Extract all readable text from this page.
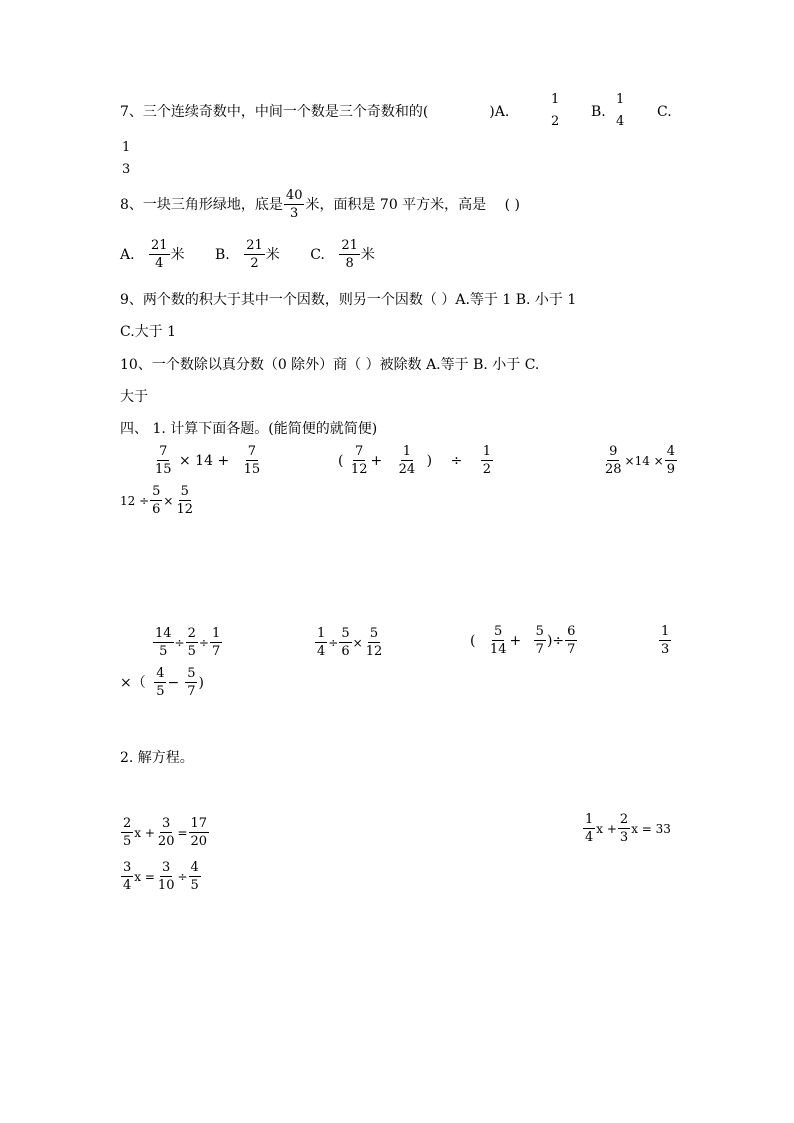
7、三个连续奇数中，中间一个数是三个奇数和的(	)A.
1
2
B.
1
4
C.
1
3
8、一块三角形绿地，底是 $\frac{40}{3}$ 米，面积是 70 平方米，高是 ( )
A. $\frac{21}{4}$ 米 B. $\frac{21}{2}$ 米 C. $\frac{21}{8}$ 米
9、两个数的积大于其中一个因数，则另一个因数（ ）A.等于 1 B. 小于 1
C.大于 1
10、一个数除以真分数（0 除外）商（ ）被除数 A.等于 B. 小于 C.
大于
四、 1. 计算下面各题。(能简便的就简便)
$\frac{7}{15} \times 14 + \frac{7}{15}$	( $\frac{7}{12} + \frac{1}{24}$ ) ÷ $\frac{1}{2}$	$\frac{9}{28} \times 14 \times \frac{4}{9}$
$12 \div \frac{5}{6} \times \frac{5}{12}$
$\frac{14}{5} \div \frac{2}{5} \div \frac{1}{7}$	$\frac{1}{4} \div \frac{5}{6} \times \frac{5}{12}$	( $\frac{5}{14} + \frac{5}{7}$ )÷ $\frac{6}{7}$	$\frac{1}{3}$
×（ $\frac{4}{5} - \frac{5}{7}$ )
2. 解方程。
$\frac{2}{5}$ $x + \frac{3}{20} = \frac{17}{20}$	$\frac{1}{4}$ $x + \frac{2}{3}$ x = 33
$\frac{3}{4}$ $x = \frac{3}{10} \div \frac{4}{5}$
